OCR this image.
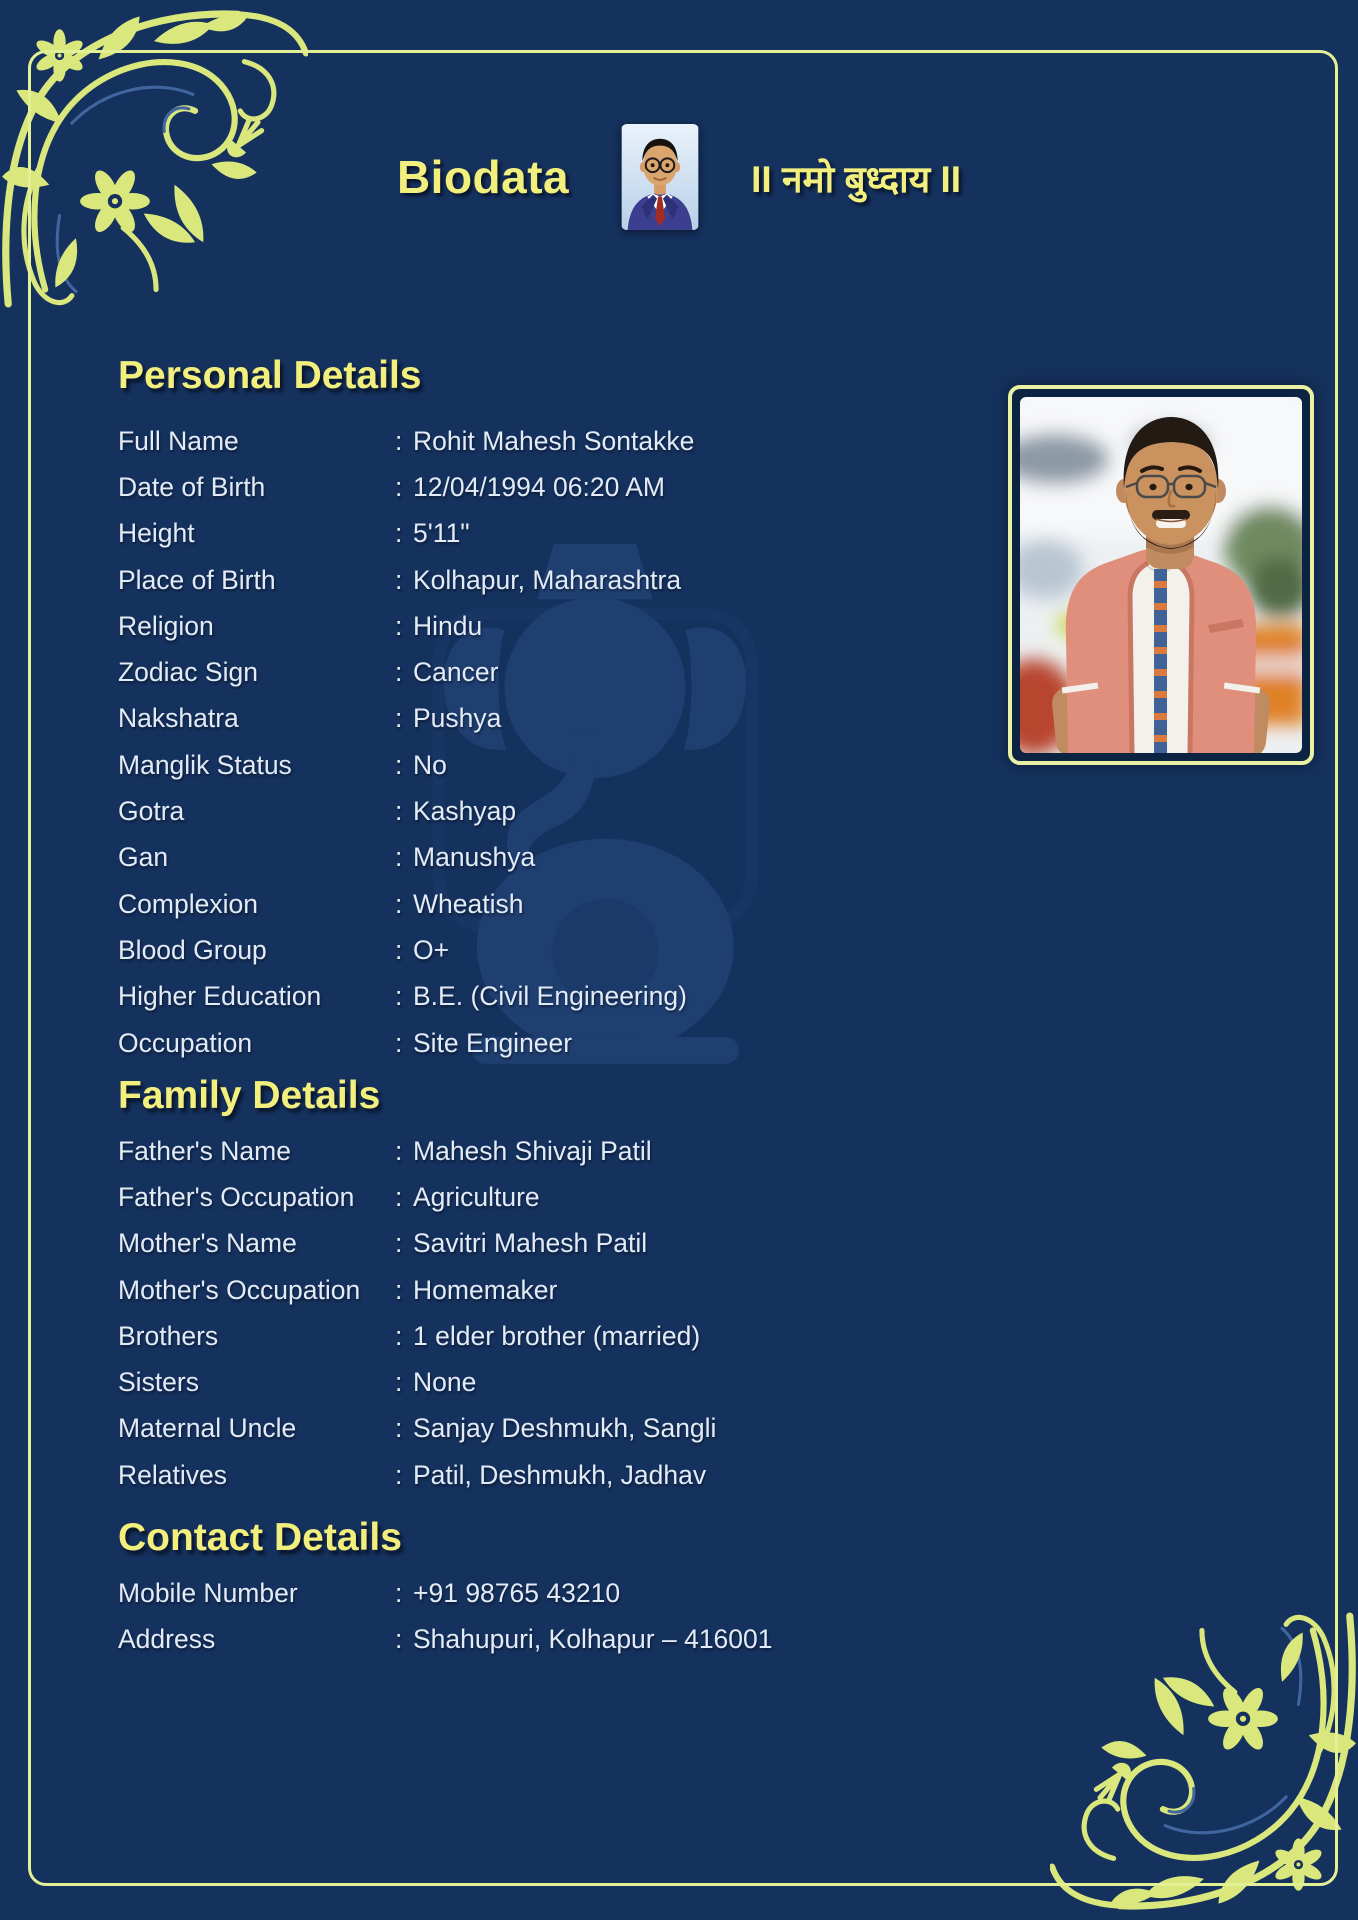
Biodata	II नमो बुध्दाय II
Personal Details
Family Details
Contact Details
Full Name	: Rohit Mahesh Sontakke
Date of Birth	: 12/04/1994 06:20 AM
Height	: 5'11"
Place of Birth	: Kolhapur, Maharashtra
Religion	: Hindu
Zodiac Sign	: Cancer
Nakshatra	: Pushya
Manglik Status	: No
Gotra	: Kashyap
Gan	: Manushya
Complexion	: Wheatish
Blood Group	: O+
Higher Education	: B.E. (Civil Engineering)
Occupation	: Site Engineer
Father's Name	: Mahesh Shivaji Patil
Father's Occupation	: Agriculture
Mother's Name	: Savitri Mahesh Patil
Mother's Occupation	: Homemaker
Brothers	: 1 elder brother (married)
Sisters	: None
Maternal Uncle	: Sanjay Deshmukh, Sangli
Relatives	: Patil, Deshmukh, Jadhav
Mobile Number	: +91 98765 43210
Address	: Shahupuri, Kolhapur – 416001
